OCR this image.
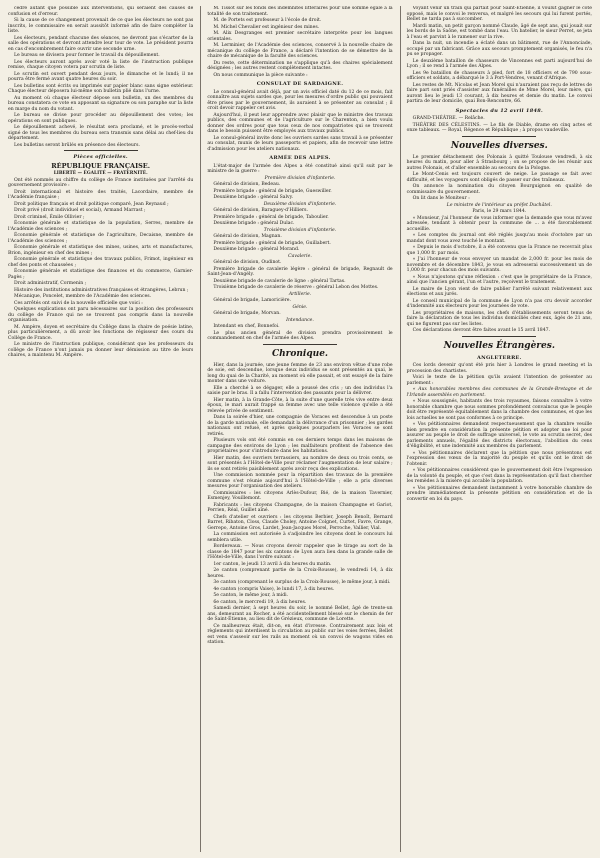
cèdre autant que possible aux interventions, qui seraient des causes de confusion et d'erreur.

Si la cause de ce changement provenait de ce que les électeurs ne sont pas inscrits, le commissaire en serait aussitôt informé afin de faire compléter la liste.

Les électeurs, pendant chacune des séances, ne devront pas s'écarter de la salle des opérations et devront attendre leur tour de vote. Le président pourra en cas d'encombrement faire ouvrir une seconde urne.

Le bureau se divisera pour former le travail du dépouillement.

Les électeurs auront après avoir voté la liste de l'instruction publique remise, chaque citoyen votera par scrutin de liste.

Le scrutin est ouvert pendant deux jours, le dimanche et le lundi; il ne pourra être fermé avant quatre heures du soir.

Les bulletins sont écrits ou imprimés sur papier blanc sans signe extérieur. Chaque électeur déposera lui-même son bulletin plié dans l'urne.

Au moment où chaque électeur dépose son bulletin, un des membres du bureau constatera ce vote en apposant sa signature ou son paraphe sur la liste en marge du nom du votant.

Le bureau se divise pour procéder au dépouillement des votes; les opérations en sont publiques.

Le dépouillement achevé, le résultat sera proclamé, et le procès-verbal signé de tous les membres du bureau sera transmis sans délai au chef-lieu du département.

Les bulletins seront brûlés en présence des électeurs.

Pièces officielles.
RÉPUBLIQUE FRANÇAISE.
LIBERTÉ — ÉGALITÉ — FRATERNITÉ.

Ont été nommés au chiffre du collège de France instituées par l'arrêté du gouvernement provisoire :

Droit international et histoire des traités, Lacordaire, membre de l'Académie française ;

Droit politique français et droit politique comparé, Jean Reynaud ;

Droit privé (droit individuel et social), Armand Marrast ;

Droit criminel, Émile Ollivier ;

Économie générale et statistique de la population, Serres, membre de l'Académie des sciences ;

Économie générale et statistique de l'agriculture, Decaisne, membre de l'Académie des sciences ;

Économie générale et statistique des mines, usines, arts et manufactures, Brion, ingénieur en chef des mines ;

Économie générale et statistique des travaux publics, Frimot, ingénieur en chef des ponts et chaussées ;

Économie générale et statistique des finances et du commerce, Garnier-Pagès ;

Droit administratif, Cormenin ;

Histoire des institutions administratives françaises et étrangères, Lebrun ;

Mécanique, Poncelet, membre de l'Académie des sciences.

Ces arrêtés ont suivi de la nouvelle officielle que voici :

Quelques explications ont paru nécessaires sur la position des professeurs du collège de France qui ne se trouvent pas compris dans la nouvelle organisation.

M. Ampère, doyen et secrétaire du Collège dans la chaire de poésie latine, plus particulièrement, a dû avoir les fonctions de régisseur des cours du Collège de France.

Le ministre de l'instruction publique, considérant que les professeurs du collège de France n'ont jamais pu donner leur démission au titre de leurs chaires, a maintenu M. Ampère.

M. Tissot sur les fonds des indemnités littéraires pour une somme égale à la totalité de son traitement.

M. de Portets est professeur à l'école de droit.

M. Michel Chevalier est ingénieur des mines.

M. Alix Desgranges est premier secrétaire interprète pour les langues orientales.

M. Lerminier, de l'Académie des sciences, conservé à la nouvelle chaire de mécanique du collège de France, a déclaré l'intention de se démettre de la chaire de mécanique de la faculté des sciences.

Du reste, cette détermination ne s'applique qu'à des chaires spécialement désignées ; les autres restent complètement intactes.

On nous communique la pièce suivante :

CONSULAT DE SARDAIGNE.

Le consul-général avait déjà, par un avis officiel daté du 12 de ce mois, fait connaître aux sujets sardes que, pour les mesures d'ordre public qui pouvaient être prises par le gouvernement, ils auraient à se présenter au consulat ; il croit devoir rappeler cet avis.

Aujourd'hui, il peut leur apprendre avec plaisir que le ministre des travaux publics, des communes et de l'agriculture sur le Charenton, a bien voulu donner des ordres pour que tous ceux de nos compatriotes qui se trouvent dans le besoin puissent être employés aux travaux publics.

Le consul-général invite donc les ouvriers sardes sans travail à se présenter au consulat, munis de leurs passeports et papiers, afin de recevoir une lettre d'admission pour les ateliers nationaux.

ARMÉE DES ALPES.

L'état-major de l'armée des Alpes a été constitué ainsi qu'il suit par le ministre de la guerre :

Première division d'infanterie.

Général de division, Bedeau.

Première brigade : général de brigade, Gueswiller.

Deuxième brigade : général Salvy.

Deuxième division d'infanterie.

Général de division, Baraguey-d'Hilliers.

Première brigade : général de brigade, Taboulier.

Deuxième brigade : général Dulac.

Troisième division d'infanterie.

Général de division, Magnan.

Première brigade : général de brigade, Guillabert.

Deuxième brigade : général Morand.

Cavalerie.

Général de division, Oudinot.

Première brigade de cavalerie légère : général de brigade, Regnault de Saint-Jean-d'Angély.

Deuxième brigade de cavalerie de ligne : général Tartas.

Troisième brigade de cavalerie de réserve : général Lebon des Mottes.

Artillerie.

Général de brigade, Lamoricière.

Génie.

Général de brigade, Morvan.

Intendance.

Intendant en chef, Bonnefoi.

Le plus ancien général de division prendra provisoirement le commandement en chef de l'armée des Alpes.

Chronique.

Hier, dans la journée, une jeune femme de 23 ans environ vêtue d'une robe de soie, est descendue, lorsque deux individus se sont présentés au quai, le long du quai de la Charité, au moment où elle passait, et ont essayé de la faire monter dans une voiture.

Elle a cherché à se dégager, elle a poussé des cris ; un des individus l'a saisie par le bras. Il a fallu l'intervention des passants pour la délivrer.

Hier matin, à la Grande-Côte, à la suite d'une querelle très vive entre deux époux, le mari aurait frappé sa femme avec une telle violence qu'elle a été relevée privée de sentiment.

Dans la soirée d'hier, une compagnie de Voraces est descendue à un poste de la garde nationale, elle demandait la délivrance d'un prisonnier ; les gardes nationaux ont refusé, et après quelques pourparlers les Voraces se sont retirés.

Plusieurs vols ont été commis en ces derniers temps dans les maisons de campagne des environs de Lyon ; les malfaiteurs profitent de l'absence des propriétaires pour s'introduire dans les habitations.

Hier matin, des ouvriers terrassiers, au nombre de deux ou trois cents, se sont présentés à l'Hôtel-de-Ville pour réclamer l'augmentation de leur salaire ; ils se sont retirés paisiblement après avoir reçu des explications.

Une commission nommée pour la répartition des travaux de la première commune s'est réunie aujourd'hui à l'Hôtel-de-Ville ; elle a pris diverses mesures pour l'organisation des ateliers.

Commissaires : les citoyens Arlès-Dufour, Bié, de la maison Tavernier, Esmenjey, Vouillemont.

Fabricants : les citoyens Champagne, de la maison Champagne et Gariot, Perrien, Réal, Guillet aîné.

Chefs d'atelier et ouvriers : les citoyens Berbier, Joseph Benoît, Bernard Barret, Ribaton, Closs, Claude Choley, Antoine Colgnet, Curtet, Favre, Grange, Gerrepo, Antoine Gros, Lardet, Jean-Jacques Morel, Perroche, Vallier, Vial.

La commission est autorisée à s'adjoindre les citoyens dont le concours lui semblera utile.

Bordereaux. — Nous croyons devoir rappeler que le tirage au sort de la classe de 1847 pour les six cantons de Lyon aura lieu dans la grande salle de l'Hôtel-de-Ville, dans l'ordre suivant :

1er canton, le jeudi 13 avril à dix heures du matin.

2e canton (comprenant partie de la Croix-Rousse), le vendredi 14, à dix heures.

3e canton (comprenant le surplus de la Croix-Rousse), le même jour, à midi.

4e canton (compris Vaise), le lundi 17, à dix heures.

5e canton, le même jour, à midi.

6e canton, le mercredi 19, à dix heures.

Samedi dernier, à sept heures du soir, le nommé Bellet, âgé de trente-un ans, demeurant au Rocher, a été accidentellement blessé sur le chemin de fer de Saint-Étienne, au lieu dit de Grézieux, commune de Lorette.

Ce malheureux était, dit-on, en état d'ivresse. Contrairement aux lois et règlements qui interdisent la circulation au public sur les voies ferrées, Bellet est venu s'asseoir sur les rails au moment où un convoi de wagons vides en station.

Voyant venir un train qui partait pour Saint-Étienne, il voulut gagner le côté opposé, mais le convoi le renversa, et malgré les secours qui lui furent portés, Bellet ne tarda pas à succomber.

Mardi matin, un petit garçon nommé Claude, âgé de sept ans, qui jouait sur les bords de la Saône, est tombé dans l'eau. Un batelier, le sieur Perret, se jeta à l'eau et parvint à le ramener sur la rive.

Dans la nuit, un incendie a éclaté dans un bâtiment, rue de l'Annonciade, occupé par un fabricant. Grâce aux secours promptement organisés, le feu n'a pu se propager.

Le deuxième bataillon de chasseurs de Vincennes est parti aujourd'hui de Lyon ; il se rend à l'armée des Alpes.

Les 9e bataillon de chasseurs à pied, fort de 18 officiers et de 790 sous-officiers et soldats, a débarqué le 3 à Port-Vendres, venant d'Afrique.

Les restes de Mt. Nicolas et Jean Morel qui n'auraient pas reçu de lettres de faire part sont priés d'assister aux funérailles de Mme Morel, leur mère, qui auront lieu le jeudi 13 courant, à dix heures et demie du matin. Le convoi partira de leur domicile, quai Bon-Rencontre, 66.

Spectacles du 12 avril 1848.

GRAND-THÉÂTRE. — Relâche.

THÉÂTRE DES CÉLESTINS. — Le fils de Diable, drame en cinq actes et onze tableaux. — Royal, Régence et République ; à propos vaudeville.

Nouvelles diverses.

Le premier détachement des Polonais à quitté Toulouse vendredi, à six heures du matin, pour aller à Strasbourg ; on se propose de les réunir aux autres Polonais, et d'aller ensemble au secours de la Pologne.

Le Mont-Cenis est toujours couvert de neige. Le passage se fait avec difficulté, et les voyageurs sont obligés de passer sur des traîneaux.

On annonce la nomination du citoyen Bourguignon en qualité de commissaire du gouvernement.

On lit dans le Moniteur :

Le ministre de l'intérieur au préfet Duchâtel.

Paris, le 29 mars 1844.

« Monsieur, j'ai l'honneur de vous informer que la demande que vous m'avez adressée, tendant à obtenir pour la commune de ... a été favorablement accueillie.

« Les comptes du journal ont été réglés jusqu'au mois d'octobre par un mandat dont vous avez touché le montant.

« Depuis le mois d'octobre, il a été convenu que la France ne recevrait plus que 1,000 fr. par mois.

« J'ai l'honneur de vous envoyer un mandat de 2,000 fr. pour les mois de novembre et de décembre 1843, je vous en adresserai successivement un de 1,000 fr. pour chacun des mois suivants.

« Nous n'ajoutons qu'une réflexion : c'est que le propriétaire de la France, ainsi que l'ancien gérant, l'un et l'autre, reçoivent le traitement.

Le maire de Lyon vient de faire publier l'arrêté suivant relativement aux élections et aux jurés.

Le conseil municipal de la commune de Lyon n'a pas cru devoir accorder d'indemnité aux électeurs pour les journées de vote.

Les propriétaires de maisons, les chefs d'établissements seront tenus de faire la déclaration de tous les individus domiciliés chez eux, âgés de 21 ans, qui ne figurent pas sur les listes.

Ces déclarations devront être faites avant le 15 avril 1847.

Nouvelles Étrangères.
ANGLETERRE.

Ces lords devenir qu'ont été pris hier à Londres le grand meeting et la procession des chartistes.

Voici le texte de la pétition qu'ils avaient l'intention de présenter au parlement :

« Aux honorables membres des communes de la Grande-Bretagne et de l'Irlande assemblés en parlement.

« Nous soussignés, habitants des trois royaumes, faisons connaître à votre honorable chambre que nous sommes profondément convaincus que le peuple doit être représenté équitablement dans la chambre des communes, et que les lois actuelles ne sont pas conformes à ce principe.

« Vos pétitionnaires demandent respectueusement que la chambre veuille bien prendre en considération la présente pétition et adopter une loi pour assurer au peuple le droit de suffrage universel, le vote au scrutin secret, des parlements annuels, l'égalité des districts électoraux, l'abolition du cens d'éligibilité, et une indemnité aux membres du parlement.

« Vos pétitionnaires déclarent que la pétition que nous présentons est l'expression des vœux de la majorité du peuple et qu'ils ont le droit de l'obtenir.

« Vos pétitionnaires considèrent que le gouvernement doit être l'expression de la volonté du peuple, et que c'est dans la représentation qu'il faut chercher les remèdes à la misère qui accable la population.

« Vos pétitionnaires demandent instamment à votre honorable chambre de prendre immédiatement la présente pétition en considération et de la convertir en loi du pays.
